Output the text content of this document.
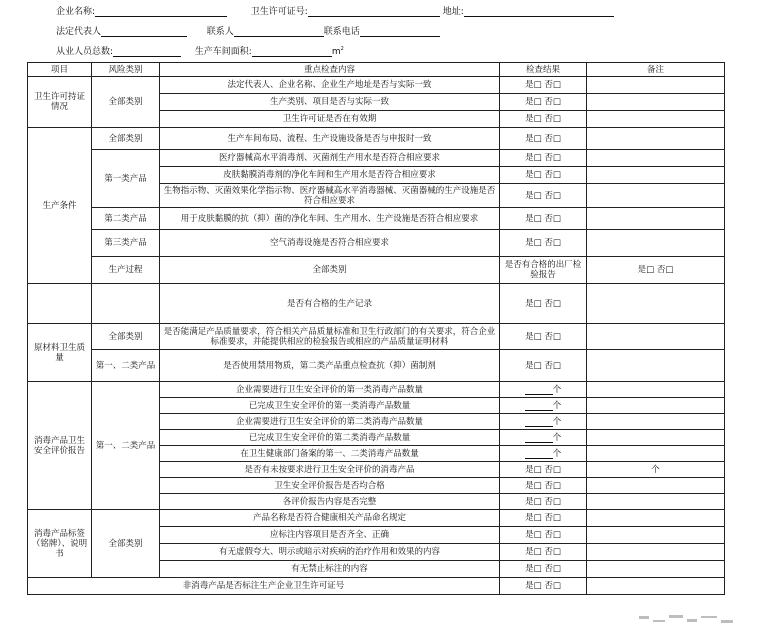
企业名称:	卫生许可证号:	地址:
法定代表人	联系人	联系电话
从业人员总数:	生产车间面积:	$m^2$
项目	风险类别	重点检查内容	检查结果	备注	
卫生许可持证情况	全部类别	法定代表人、企业名称、企业生产地址是否与实际一致	是□ 否□		
		生产类别、项目是否与实际一致	是□ 否□		
		卫生许可证是否在有效期	是□ 否□		
生产条件	全部类别	生产车间布局、流程、生产设施设备是否与申报时一致	是□ 否□		
	第一类产品	医疗器械高水平消毒剂、灭菌剂生产用水是否符合相应要求	是□ 否□		
		皮肤黏膜消毒剂的净化车间和生产用水是否符合相应要求	是□ 否□		
		生物指示物、灭菌效果化学指示物、医疗器械高水平消毒器械、灭菌器械的生产设施是否符合相应要求	是□ 否□		
	第二类产品	用于皮肤黏膜的抗（抑）菌的净化车间、生产用水、生产设施是否符合相应要求	是□ 否□		
	第三类产品	空气消毒设施是否符合相应要求	是□ 否□		
	生产过程	全部类别	是否有合格的出厂检验报告	是□ 否□	
		是否有合格的生产记录	是□ 否□		
原材料卫生质量	全部类别	是否能满足产品质量要求，符合相关产品质量标准和卫生行政部门的有关要求，符合企业标准要求，并能提供相应的检验报告或相应的产品质量证明材料	是□ 否□		
	第一、二类产品	是否使用禁用物质，第二类产品重点检查抗（抑）菌制剂	是□ 否□		
消毒产品卫生安全评价报告	第一、二类产品	企业需要进行卫生安全评价的第一类消毒产品数量	个		
		已完成卫生安全评价的第一类消毒产品数量	个		
		企业需要进行卫生安全评价的第二类消毒产品数量	个		
		已完成卫生安全评价的第二类消毒产品数量	个		
		在卫生健康部门备案的第一、二类消毒产品数量	个		
		是否有未按要求进行卫生安全评价的消毒产品	是□ 否□	个	
		卫生安全评价报告是否均合格	是□ 否□		
		各评价报告内容是否完整	是□ 否□		
消毒产品标签（铭牌）、说明书	全部类别	产品名称是否符合健康相关产品命名规定	是□ 否□		
		应标注内容项目是否齐全、正确	是□ 否□		
		有无虚假夸大、明示或暗示对疾病的治疗作用和效果的内容	是□ 否□		
		有无禁止标注的内容	是□ 否□		
非消毒产品是否标注生产企业卫生许可证号			是□ 否□		
